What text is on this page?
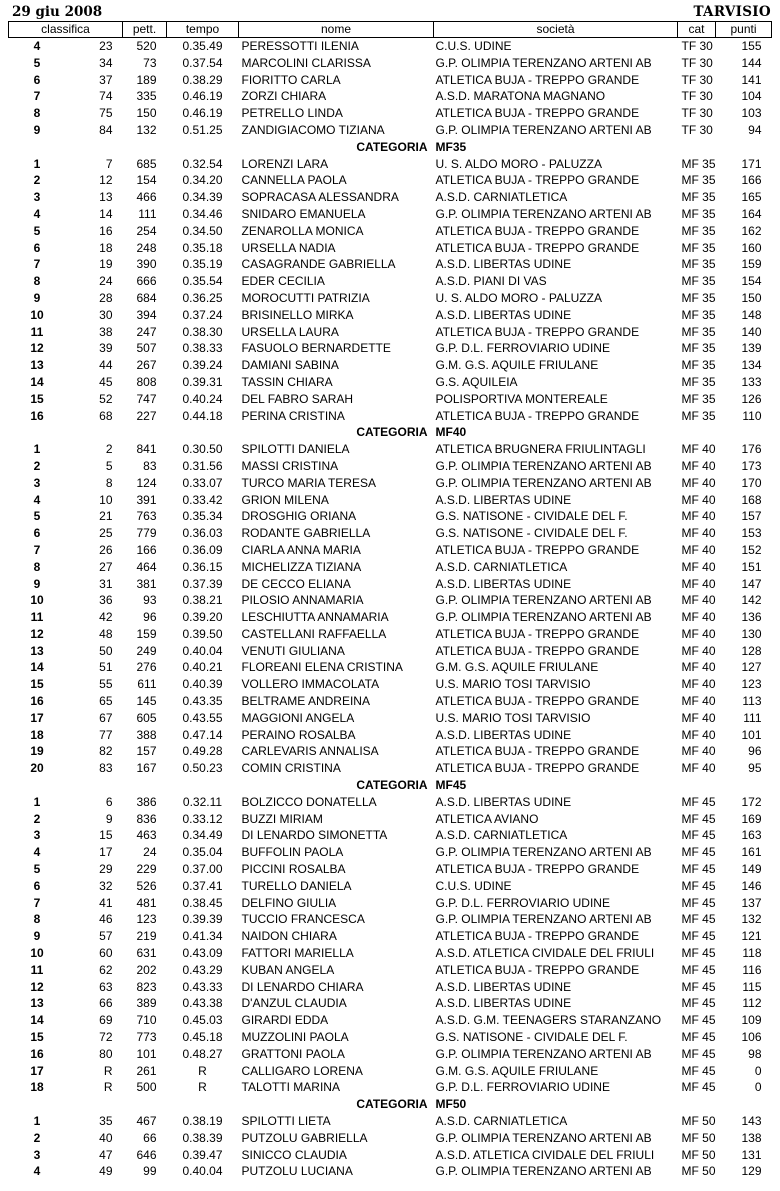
29 giu 2008	TARVISIO
classifica		pett.	tempo	nome	società	cat	punti
4	23	520	0.35.49	PERESSOTTI ILENIA	C.U.S. UDINE	TF 30	155
5	34	73	0.37.54	MARCOLINI CLARISSA	G.P. OLIMPIA TERENZANO ARTENI AB	TF 30	144
6	37	189	0.38.29	FIORITTO CARLA	ATLETICA BUJA - TREPPO GRANDE	TF 30	141
7	74	335	0.46.19	ZORZI CHIARA	A.S.D. MARATONA MAGNANO	TF 30	104
8	75	150	0.46.19	PETRELLO LINDA	ATLETICA BUJA - TREPPO GRANDE	TF 30	103
9	84	132	0.51.25	ZANDIGIACOMO TIZIANA	G.P. OLIMPIA TERENZANO ARTENI AB	TF 30	94
				CATEGORIA	MF35		
1	7	685	0.32.54	LORENZI LARA	U. S. ALDO MORO - PALUZZA	MF 35	171
2	12	154	0.34.20	CANNELLA PAOLA	ATLETICA BUJA - TREPPO GRANDE	MF 35	166
3	13	466	0.34.39	SOPRACASA ALESSANDRA	A.S.D. CARNIATLETICA	MF 35	165
4	14	111	0.34.46	SNIDARO EMANUELA	G.P. OLIMPIA TERENZANO ARTENI AB	MF 35	164
5	16	254	0.34.50	ZENAROLLA MONICA	ATLETICA BUJA - TREPPO GRANDE	MF 35	162
6	18	248	0.35.18	URSELLA NADIA	ATLETICA BUJA - TREPPO GRANDE	MF 35	160
7	19	390	0.35.19	CASAGRANDE GABRIELLA	A.S.D. LIBERTAS UDINE	MF 35	159
8	24	666	0.35.54	EDER CECILIA	A.S.D. PIANI DI VAS	MF 35	154
9	28	684	0.36.25	MOROCUTTI PATRIZIA	U. S. ALDO MORO - PALUZZA	MF 35	150
10	30	394	0.37.24	BRISINELLO MIRKA	A.S.D. LIBERTAS UDINE	MF 35	148
11	38	247	0.38.30	URSELLA LAURA	ATLETICA BUJA - TREPPO GRANDE	MF 35	140
12	39	507	0.38.33	FASUOLO BERNARDETTE	G.P. D.L. FERROVIARIO UDINE	MF 35	139
13	44	267	0.39.24	DAMIANI SABINA	G.M. G.S. AQUILE FRIULANE	MF 35	134
14	45	808	0.39.31	TASSIN CHIARA	G.S. AQUILEIA	MF 35	133
15	52	747	0.40.24	DEL FABRO SARAH	POLISPORTIVA MONTEREALE	MF 35	126
16	68	227	0.44.18	PERINA CRISTINA	ATLETICA BUJA - TREPPO GRANDE	MF 35	110
				CATEGORIA	MF40		
1	2	841	0.30.50	SPILOTTI DANIELA	ATLETICA BRUGNERA FRIULINTAGLI	MF 40	176
2	5	83	0.31.56	MASSI CRISTINA	G.P. OLIMPIA TERENZANO ARTENI AB	MF 40	173
3	8	124	0.33.07	TURCO MARIA TERESA	G.P. OLIMPIA TERENZANO ARTENI AB	MF 40	170
4	10	391	0.33.42	GRION MILENA	A.S.D. LIBERTAS UDINE	MF 40	168
5	21	763	0.35.34	DROSGHIG ORIANA	G.S. NATISONE - CIVIDALE DEL F.	MF 40	157
6	25	779	0.36.03	RODANTE GABRIELLA	G.S. NATISONE - CIVIDALE DEL F.	MF 40	153
7	26	166	0.36.09	CIARLA ANNA MARIA	ATLETICA BUJA - TREPPO GRANDE	MF 40	152
8	27	464	0.36.15	MICHELIZZA TIZIANA	A.S.D. CARNIATLETICA	MF 40	151
9	31	381	0.37.39	DE CECCO ELIANA	A.S.D. LIBERTAS UDINE	MF 40	147
10	36	93	0.38.21	PILOSIO ANNAMARIA	G.P. OLIMPIA TERENZANO ARTENI AB	MF 40	142
11	42	96	0.39.20	LESCHIUTTA ANNAMARIA	G.P. OLIMPIA TERENZANO ARTENI AB	MF 40	136
12	48	159	0.39.50	CASTELLANI RAFFAELLA	ATLETICA BUJA - TREPPO GRANDE	MF 40	130
13	50	249	0.40.04	VENUTI GIULIANA	ATLETICA BUJA - TREPPO GRANDE	MF 40	128
14	51	276	0.40.21	FLOREANI ELENA CRISTINA	G.M. G.S. AQUILE FRIULANE	MF 40	127
15	55	611	0.40.39	VOLLERO IMMACOLATA	U.S. MARIO TOSI TARVISIO	MF 40	123
16	65	145	0.43.35	BELTRAME ANDREINA	ATLETICA BUJA - TREPPO GRANDE	MF 40	113
17	67	605	0.43.55	MAGGIONI ANGELA	U.S. MARIO TOSI TARVISIO	MF 40	111
18	77	388	0.47.14	PERAINO ROSALBA	A.S.D. LIBERTAS UDINE	MF 40	101
19	82	157	0.49.28	CARLEVARIS ANNALISA	ATLETICA BUJA - TREPPO GRANDE	MF 40	96
20	83	167	0.50.23	COMIN CRISTINA	ATLETICA BUJA - TREPPO GRANDE	MF 40	95
				CATEGORIA	MF45		
1	6	386	0.32.11	BOLZICCO DONATELLA	A.S.D. LIBERTAS UDINE	MF 45	172
2	9	836	0.33.12	BUZZI MIRIAM	ATLETICA AVIANO	MF 45	169
3	15	463	0.34.49	DI LENARDO SIMONETTA	A.S.D. CARNIATLETICA	MF 45	163
4	17	24	0.35.04	BUFFOLIN PAOLA	G.P. OLIMPIA TERENZANO ARTENI AB	MF 45	161
5	29	229	0.37.00	PICCINI ROSALBA	ATLETICA BUJA - TREPPO GRANDE	MF 45	149
6	32	526	0.37.41	TURELLO DANIELA	C.U.S. UDINE	MF 45	146
7	41	481	0.38.45	DELFINO GIULIA	G.P. D.L. FERROVIARIO UDINE	MF 45	137
8	46	123	0.39.39	TUCCIO FRANCESCA	G.P. OLIMPIA TERENZANO ARTENI AB	MF 45	132
9	57	219	0.41.34	NAIDON CHIARA	ATLETICA BUJA - TREPPO GRANDE	MF 45	121
10	60	631	0.43.09	FATTORI MARIELLA	A.S.D. ATLETICA CIVIDALE DEL FRIULI	MF 45	118
11	62	202	0.43.29	KUBAN ANGELA	ATLETICA BUJA - TREPPO GRANDE	MF 45	116
12	63	823	0.43.33	DI LENARDO CHIARA	A.S.D. LIBERTAS UDINE	MF 45	115
13	66	389	0.43.38	D'ANZUL CLAUDIA	A.S.D. LIBERTAS UDINE	MF 45	112
14	69	710	0.45.03	GIRARDI EDDA	A.S.D. G.M. TEENAGERS STARANZANO	MF 45	109
15	72	773	0.45.18	MUZZOLINI PAOLA	G.S. NATISONE - CIVIDALE DEL F.	MF 45	106
16	80	101	0.48.27	GRATTONI PAOLA	G.P. OLIMPIA TERENZANO ARTENI AB	MF 45	98
17	R	261	R	CALLIGARO LORENA	G.M. G.S. AQUILE FRIULANE	MF 45	0
18	R	500	R	TALOTTI MARINA	G.P. D.L. FERROVIARIO UDINE	MF 45	0
				CATEGORIA	MF50		
1	35	467	0.38.19	SPILOTTI LIETA	A.S.D. CARNIATLETICA	MF 50	143
2	40	66	0.38.39	PUTZOLU GABRIELLA	G.P. OLIMPIA TERENZANO ARTENI AB	MF 50	138
3	47	646	0.39.47	SINICCO CLAUDIA	A.S.D. ATLETICA CIVIDALE DEL FRIULI	MF 50	131
4	49	99	0.40.04	PUTZOLU LUCIANA	G.P. OLIMPIA TERENZANO ARTENI AB	MF 50	129
